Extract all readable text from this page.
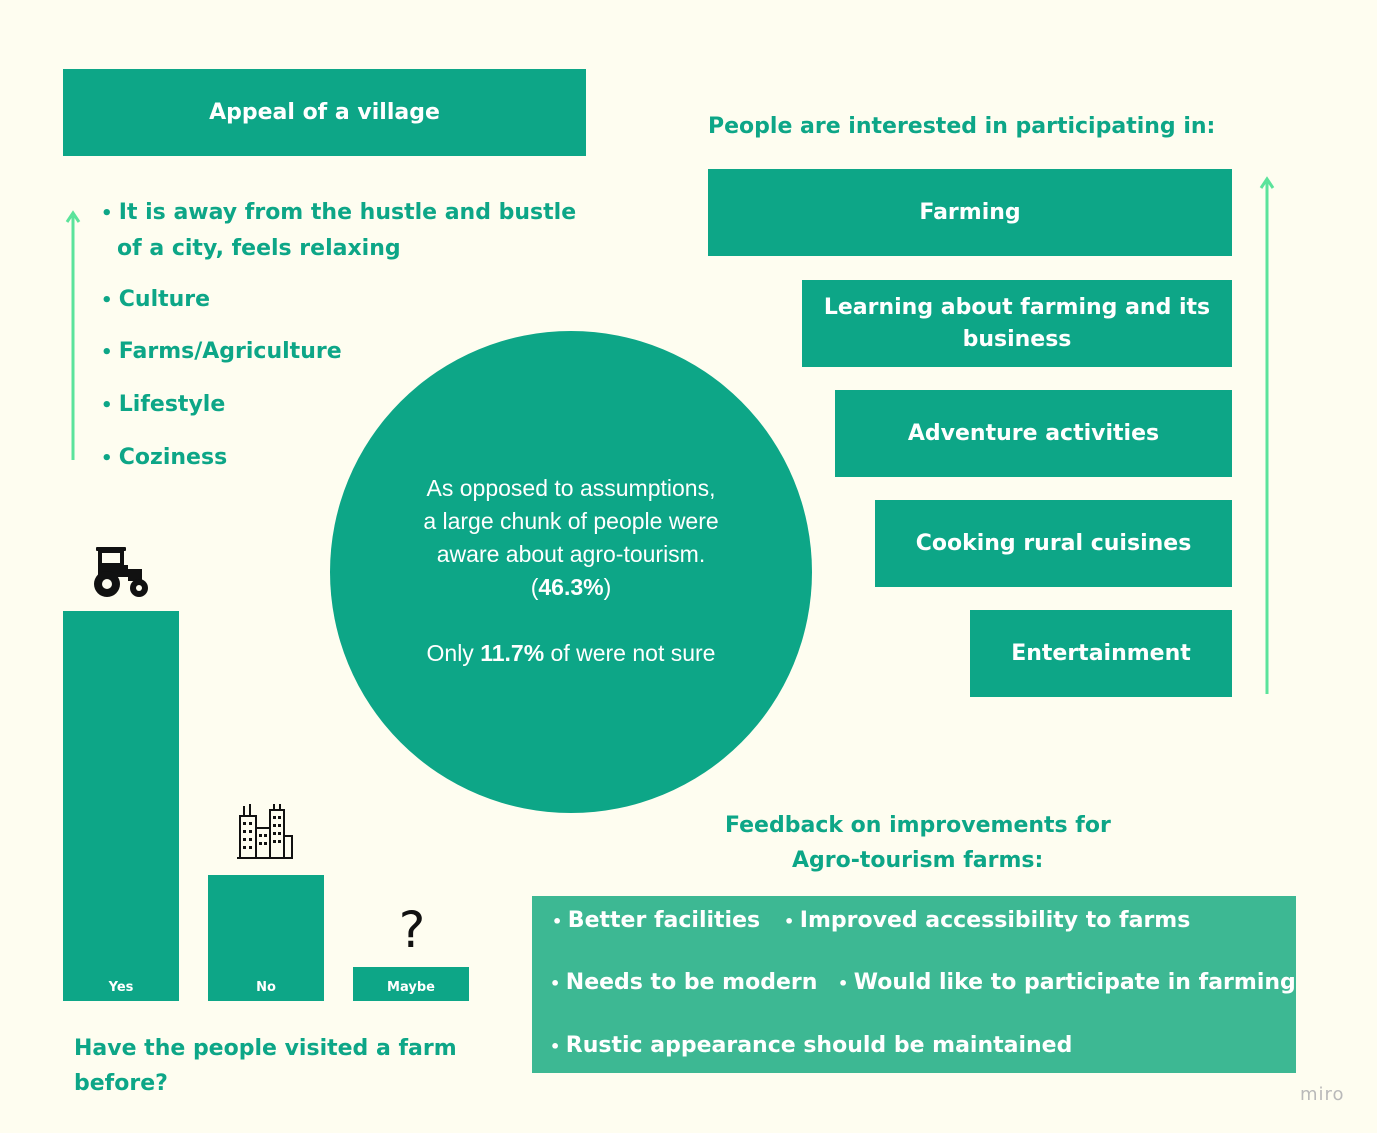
Appeal of a village
• It is away from the hustle and bustle of a city, feels relaxing
• Culture
• Farms/Agriculture
• Lifestyle
• Coziness
People are interested in participating in:
Farming
Learning about farming and its business
Adventure activities
Cooking rural cuisines
Entertainment
As opposed to assumptions,
a large chunk of people were
aware about agro-tourism.
(46.3%)
Only 11.7% of were not sure
?
Yes	No	Maybe
Have the people visited a farm before?
Feedback on improvements for
Agro-tourism farms:
• Better facilities	• Improved accessibility to farms
• Needs to be modern	• Would like to participate in farming
• Rustic appearance should be maintained
miro
